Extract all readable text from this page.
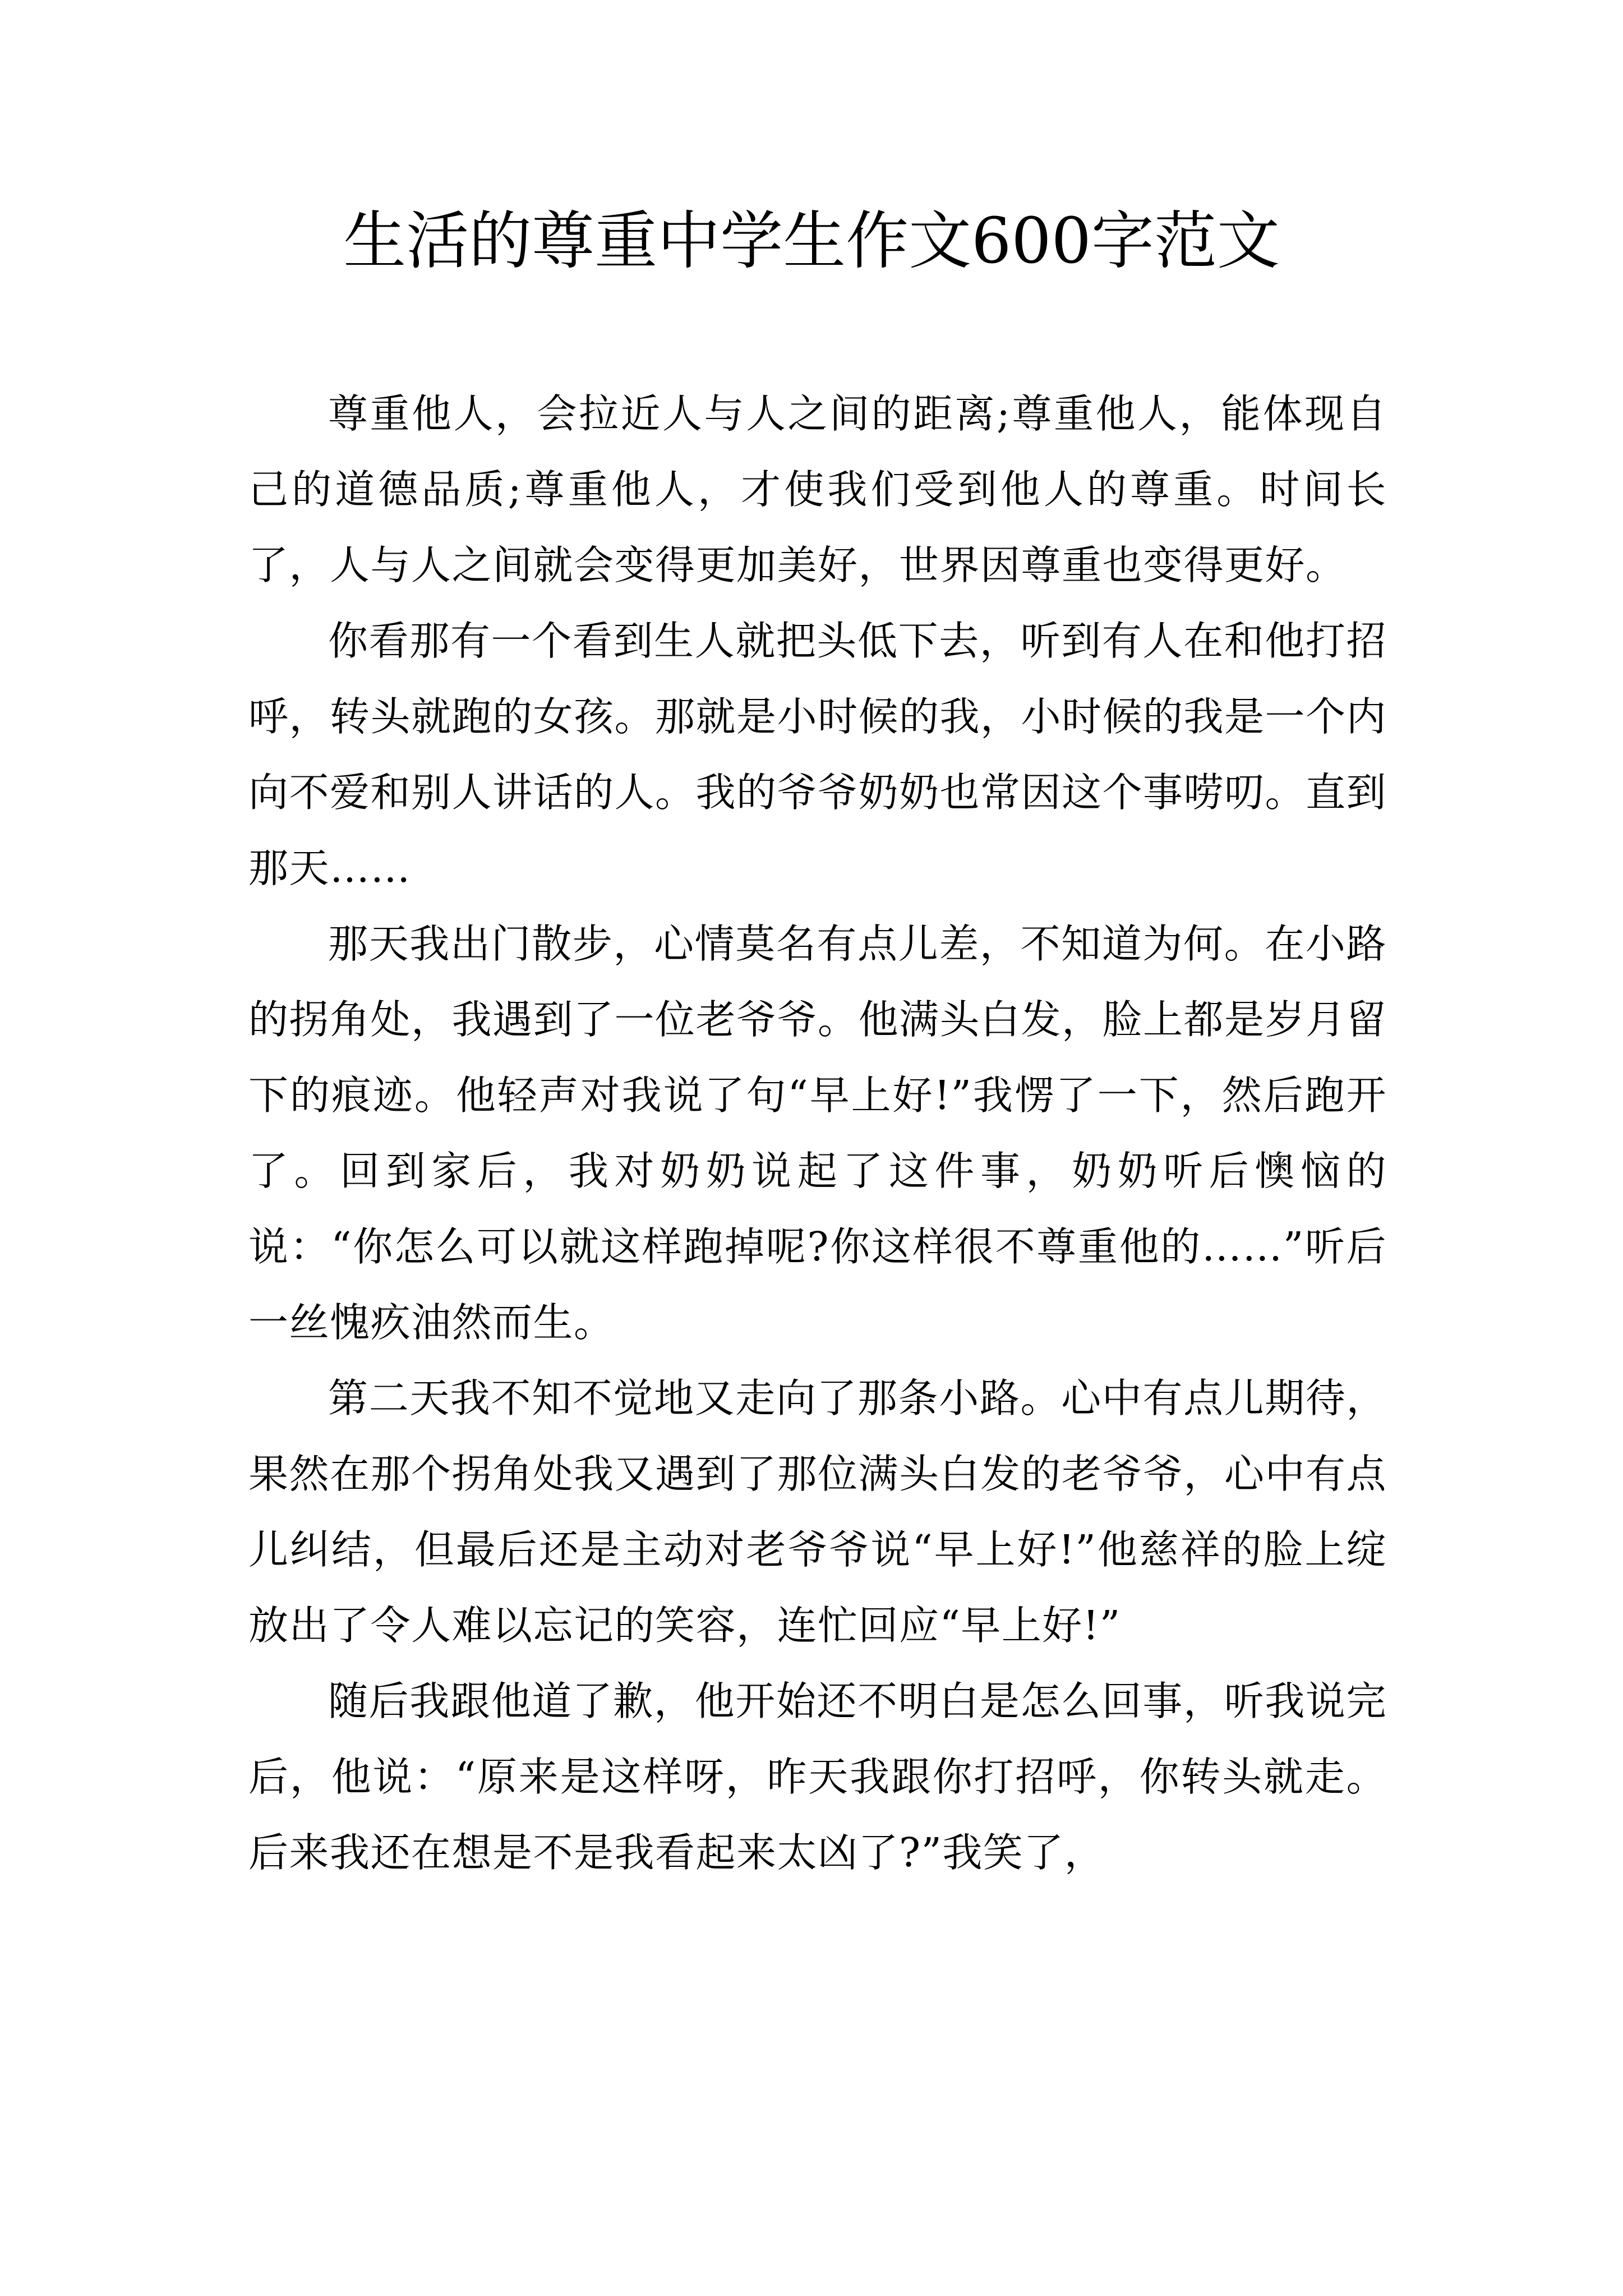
生活的尊重中学生作文600字范文

尊重他人，会拉近人与人之间的距离;尊重他人，能体现自己的道德品质;尊重他人，才使我们受到他人的尊重。时间长了，人与人之间就会变得更加美好，世界因尊重也变得更好。

你看那有一个看到生人就把头低下去，听到有人在和他打招呼，转头就跑的女孩。那就是小时候的我，小时候的我是一个内向不爱和别人讲话的人。我的爷爷奶奶也常因这个事唠叨。直到那天……

那天我出门散步，心情莫名有点儿差，不知道为何。在小路的拐角处，我遇到了一位老爷爷。他满头白发，脸上都是岁月留下的痕迹。他轻声对我说了句“早上好!”我愣了一下，然后跑开了。回到家后，我对奶奶说起了这件事，奶奶听后懊恼的说：“你怎么可以就这样跑掉呢?你这样很不尊重他的……”听后一丝愧疚油然而生。

第二天我不知不觉地又走向了那条小路。心中有点儿期待，果然在那个拐角处我又遇到了那位满头白发的老爷爷，心中有点儿纠结，但最后还是主动对老爷爷说“早上好!”他慈祥的脸上绽放出了令人难以忘记的笑容，连忙回应“早上好!”

随后我跟他道了歉，他开始还不明白是怎么回事，听我说完后，他说：“原来是这样呀，昨天我跟你打招呼，你转头就走。后来我还在想是不是我看起来太凶了?”我笑了，
